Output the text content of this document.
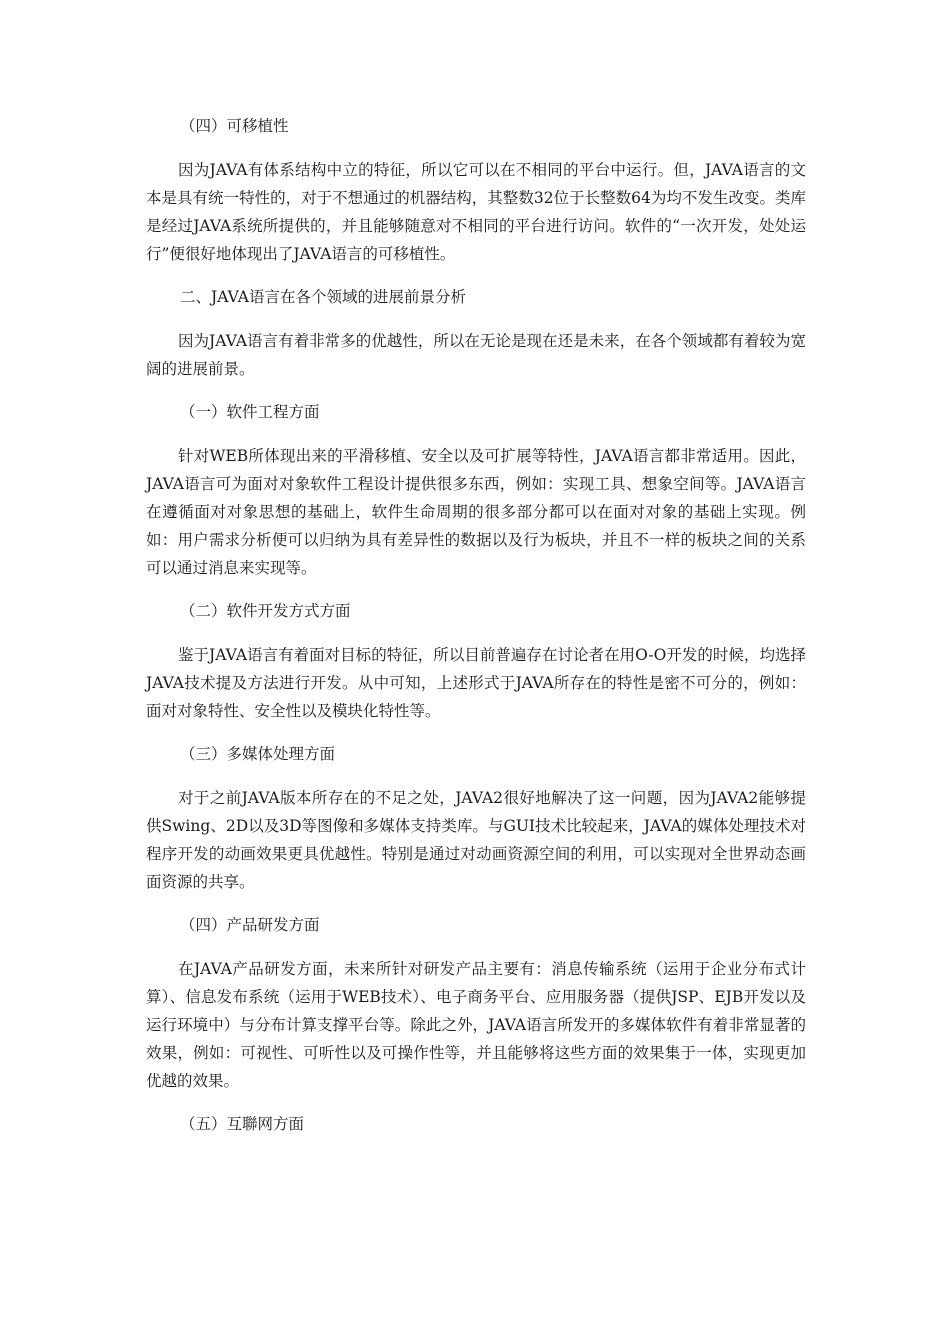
（四）可移植性

因为JAVA有体系结构中立的特征，所以它可以在不相同的平台中运行。但，JAVA语言的文本是具有统一特性的，对于不想通过的机器结构，其整数32位于长整数64为均不发生改变。类库是经过JAVA系统所提供的，并且能够随意对不相同的平台进行访问。软件的“一次开发，处处运行”便很好地体现出了JAVA语言的可移植性。

二、JAVA语言在各个领域的进展前景分析

因为JAVA语言有着非常多的优越性，所以在无论是现在还是未来，在各个领域都有着较为宽阔的进展前景。

（一）软件工程方面

针对WEB所体现出来的平滑移植、安全以及可扩展等特性，JAVA语言都非常适用。因此，JAVA语言可为面对对象软件工程设计提供很多东西，例如：实现工具、想象空间等。JAVA语言在遵循面对对象思想的基础上，软件生命周期的很多部分都可以在面对对象的基础上实现。例如：用户需求分析便可以归纳为具有差异性的数据以及行为板块，并且不一样的板块之间的关系可以通过消息来实现等。

（二）软件开发方式方面

鉴于JAVA语言有着面对目标的特征，所以目前普遍存在讨论者在用O-O开发的时候，均选择JAVA技术提及方法进行开发。从中可知，上述形式于JAVA所存在的特性是密不可分的，例如：面对对象特性、安全性以及模块化特性等。

（三）多媒体处理方面

对于之前JAVA版本所存在的不足之处，JAVA2很好地解决了这一问题，因为JAVA2能够提供Swing、2D以及3D等图像和多媒体支持类库。与GUI技术比较起来，JAVA的媒体处理技术对程序开发的动画效果更具优越性。特别是通过对动画资源空间的利用，可以实现对全世界动态画面资源的共享。

（四）产品研发方面

在JAVA产品研发方面，未来所针对研发产品主要有：消息传输系统（运用于企业分布式计算）、信息发布系统（运用于WEB技术）、电子商务平台、应用服务器（提供JSP、EJB开发以及运行环境中）与分布计算支撑平台等。除此之外，JAVA语言所发开的多媒体软件有着非常显著的效果，例如：可视性、可听性以及可操作性等，并且能够将这些方面的效果集于一体，实现更加优越的效果。

（五）互聯网方面
